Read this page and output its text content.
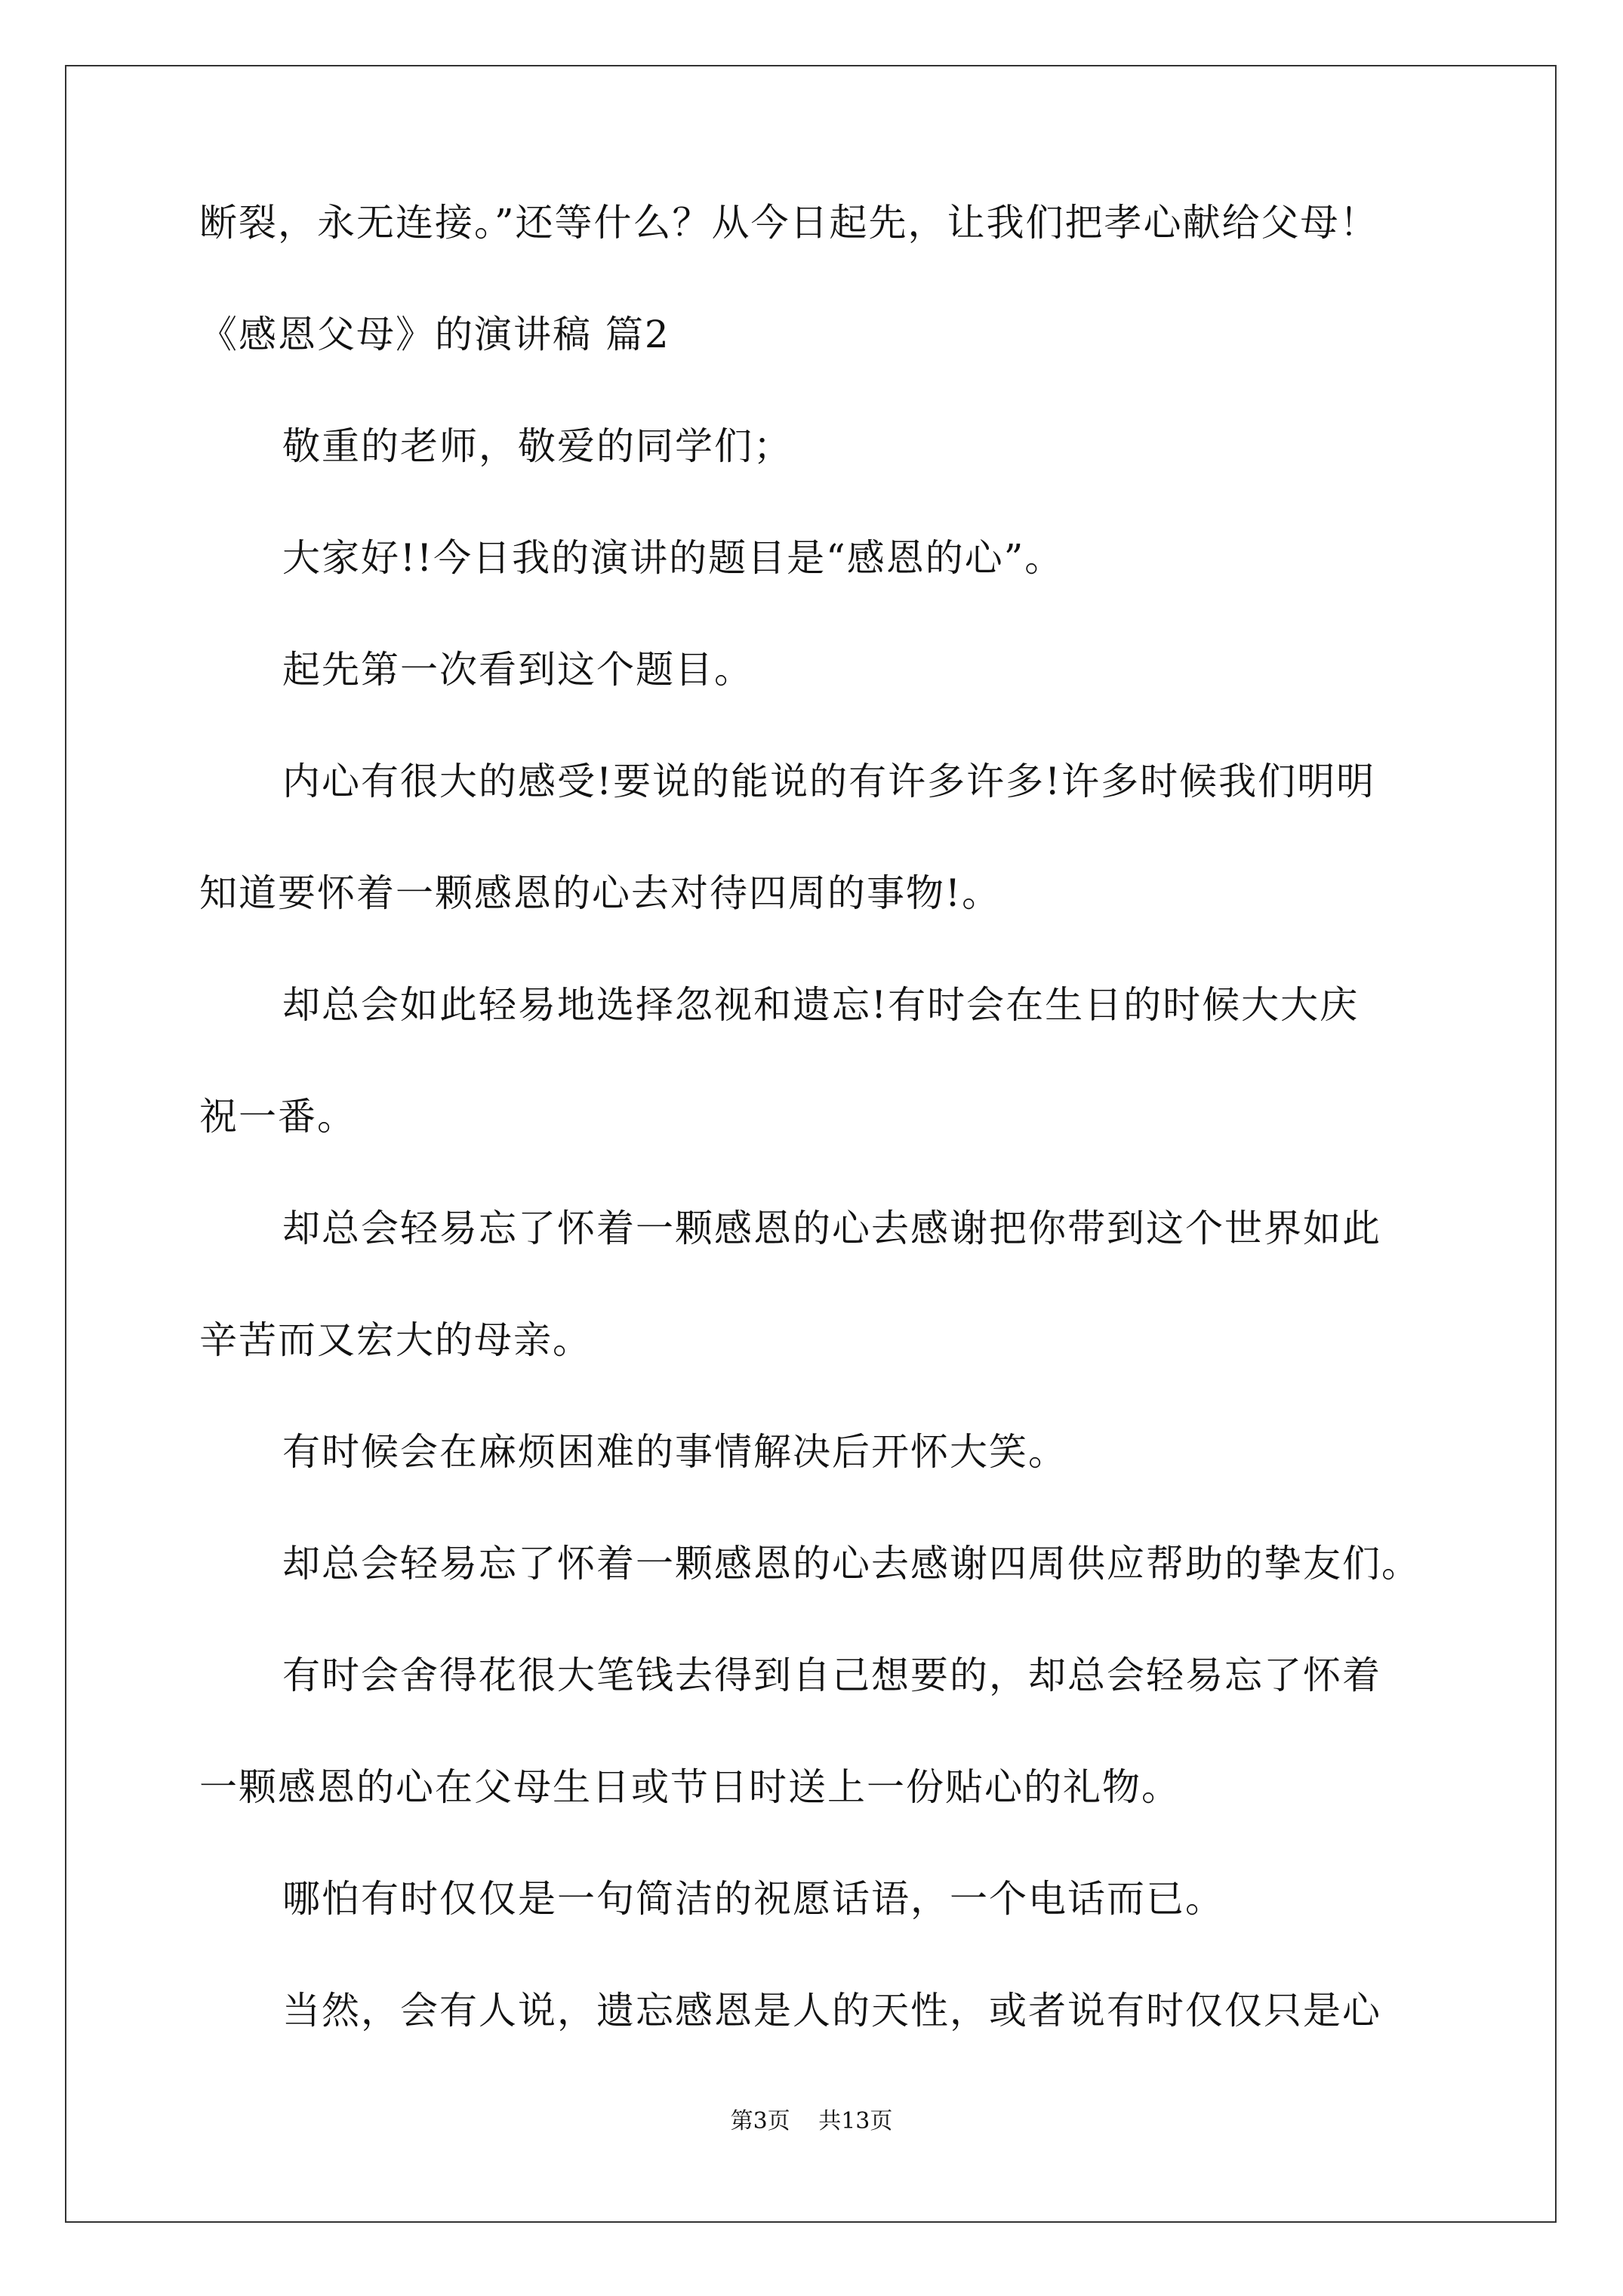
断裂，永无连接。”还等什么？从今日起先，让我们把孝心献给父母！
《感恩父母》的演讲稿 篇2
敬重的老师，敬爱的同学们；
大家好!!今日我的演讲的题目是“感恩的心”。
起先第一次看到这个题目。
内心有很大的感受!要说的能说的有许多许多!许多时候我们明明
知道要怀着一颗感恩的心去对待四周的事物!。
却总会如此轻易地选择忽视和遗忘!有时会在生日的时候大大庆
祝一番。
却总会轻易忘了怀着一颗感恩的心去感谢把你带到这个世界如此
辛苦而又宏大的母亲。
有时候会在麻烦困难的事情解决后开怀大笑。
却总会轻易忘了怀着一颗感恩的心去感谢四周供应帮助的挚友们。
有时会舍得花很大笔钱去得到自己想要的，却总会轻易忘了怀着
一颗感恩的心在父母生日或节日时送上一份贴心的礼物。
哪怕有时仅仅是一句简洁的祝愿话语，一个电话而已。
当然，会有人说，遗忘感恩是人的天性，或者说有时仅仅只是心
第3页 共13页
